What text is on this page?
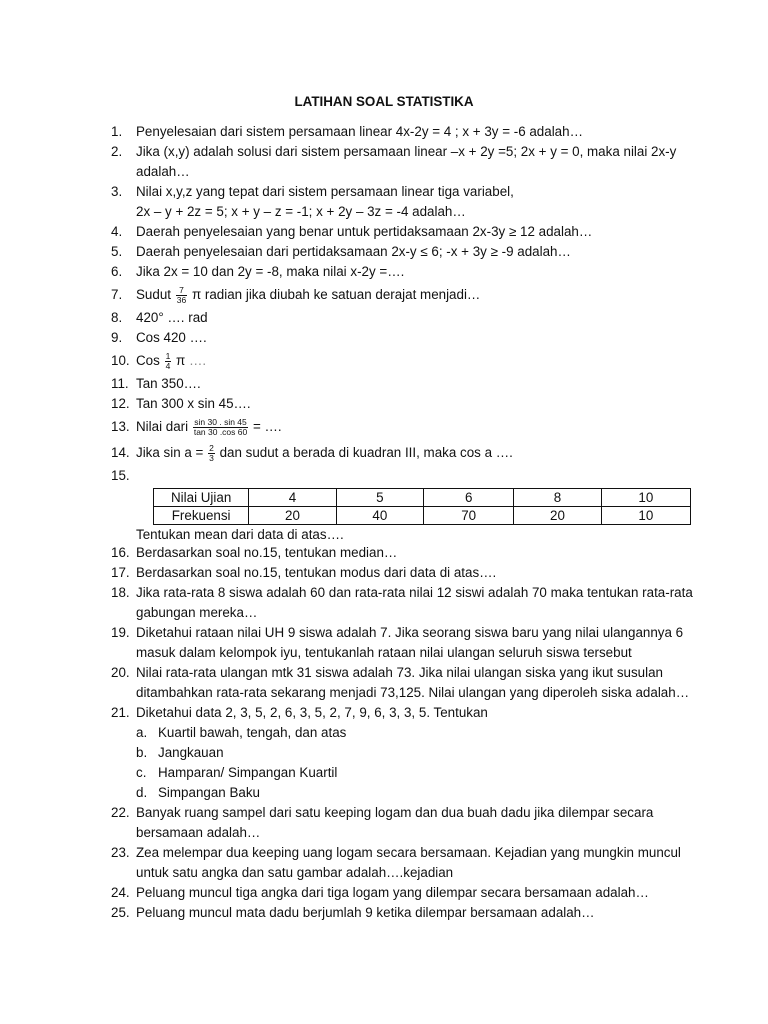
LATIHAN SOAL STATISTIKA
1.	Penyelesaian dari sistem persamaan linear 4x-2y = 4 ; x + 3y = -6 adalah…
2.	Jika (x,y) adalah solusi dari sistem persamaan linear –x + 2y =5; 2x + y = 0, maka nilai 2x-y
adalah…
3.	Nilai x,y,z yang tepat dari sistem persamaan linear tiga variabel,
2x – y + 2z = 5; x + y – z = -1; x + 2y – 3z = -4 adalah…
4.	Daerah penyelesaian yang benar untuk pertidaksamaan 2x-3y ≥ 12 adalah…
5.	Daerah penyelesaian dari pertidaksamaan 2x-y ≤ 6; -x + 3y ≥ -9 adalah…
6.	Jika 2x = 10 dan 2y = -8, maka nilai x-2y =….
7.	Sudut $\frac{7}{36}$ π radian jika diubah ke satuan derajat menjadi…
8.	420° …. rad
9.	Cos 420 ….
10. Cos $\frac{1}{4}$ π ….
11. Tan 350….
12. Tan 300 x sin 45….
13. Nilai dari $\frac{\sin 30 . \sin 45}{\tan 30 .\cos 60}$ = ….
14. Jika $\sin a = \frac{2}{3}$ dan sudut a berada di kuadran III, maka cos a ….
15.
Nilai Ujian	4	5	6	8	10
Frekuensi	20	40	70	20	10
Tentukan mean dari data di atas….
16. Berdasarkan soal no.15, tentukan median…
17. Berdasarkan soal no.15, tentukan modus dari data di atas….
18. Jika rata-rata 8 siswa adalah 60 dan rata-rata nilai 12 siswi adalah 70 maka tentukan rata-rata
gabungan mereka…
19. Diketahui rataan nilai UH 9 siswa adalah 7. Jika seorang siswa baru yang nilai ulangannya 6
masuk dalam kelompok iyu, tentukanlah rataan nilai ulangan seluruh siswa tersebut
20. Nilai rata-rata ulangan mtk 31 siswa adalah 73. Jika nilai ulangan siska yang ikut susulan
ditambahkan rata-rata sekarang menjadi 73,125. Nilai ulangan yang diperoleh siska adalah…
21. Diketahui data 2, 3, 5, 2, 6, 3, 5, 2, 7, 9, 6, 3, 3, 5. Tentukan
a. Kuartil bawah, tengah, dan atas
b. Jangkauan
c. Hamparan/ Simpangan Kuartil
d. Simpangan Baku
22. Banyak ruang sampel dari satu keeping logam dan dua buah dadu jika dilempar secara
bersamaan adalah…
23. Zea melempar dua keeping uang logam secara bersamaan. Kejadian yang mungkin muncul
untuk satu angka dan satu gambar adalah….kejadian
24. Peluang muncul tiga angka dari tiga logam yang dilempar secara bersamaan adalah…
25. Peluang muncul mata dadu berjumlah 9 ketika dilempar bersamaan adalah…
